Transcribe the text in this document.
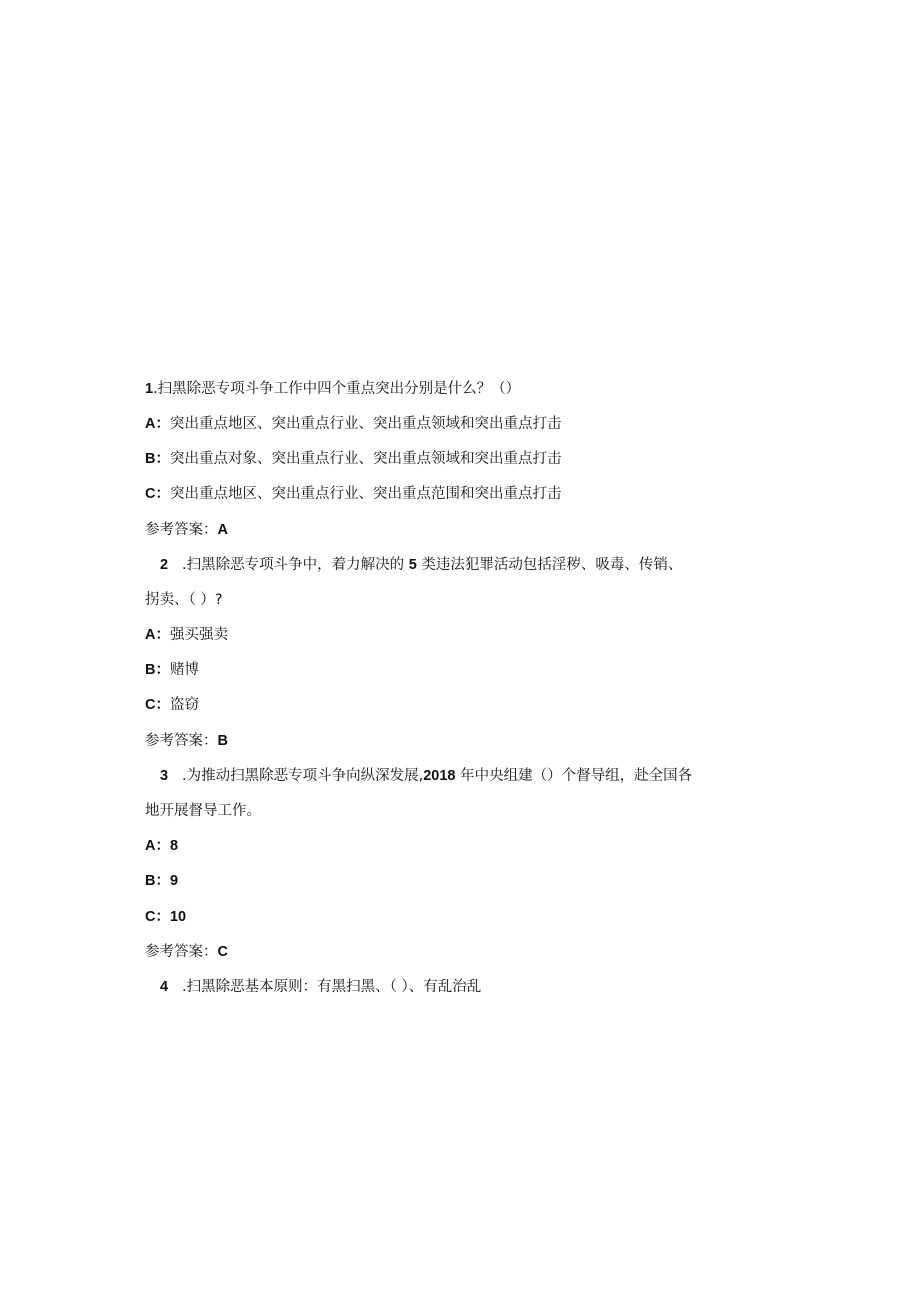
1.扫黑除恶专项斗争工作中四个重点突出分别是什么？（）
A：突出重点地区、突出重点行业、突出重点领域和突出重点打击
B：突出重点对象、突出重点行业、突出重点领域和突出重点打击
C：突出重点地区、突出重点行业、突出重点范围和突出重点打击
参考答案：A
2 .扫黑除恶专项斗争中，着力解决的 5 类违法犯罪活动包括淫秽、吸毒、传销、
拐卖、（ ）?
A：强买强卖
B：赌博
C：盗窃
参考答案：B
3 .为推动扫黑除恶专项斗争向纵深发展,2018 年中央组建（）个督导组，赴全国各
地开展督导工作。
A：8
B：9
C：10
参考答案：C
4 .扫黑除恶基本原则：有黑扫黑、（ ）、有乱治乱
